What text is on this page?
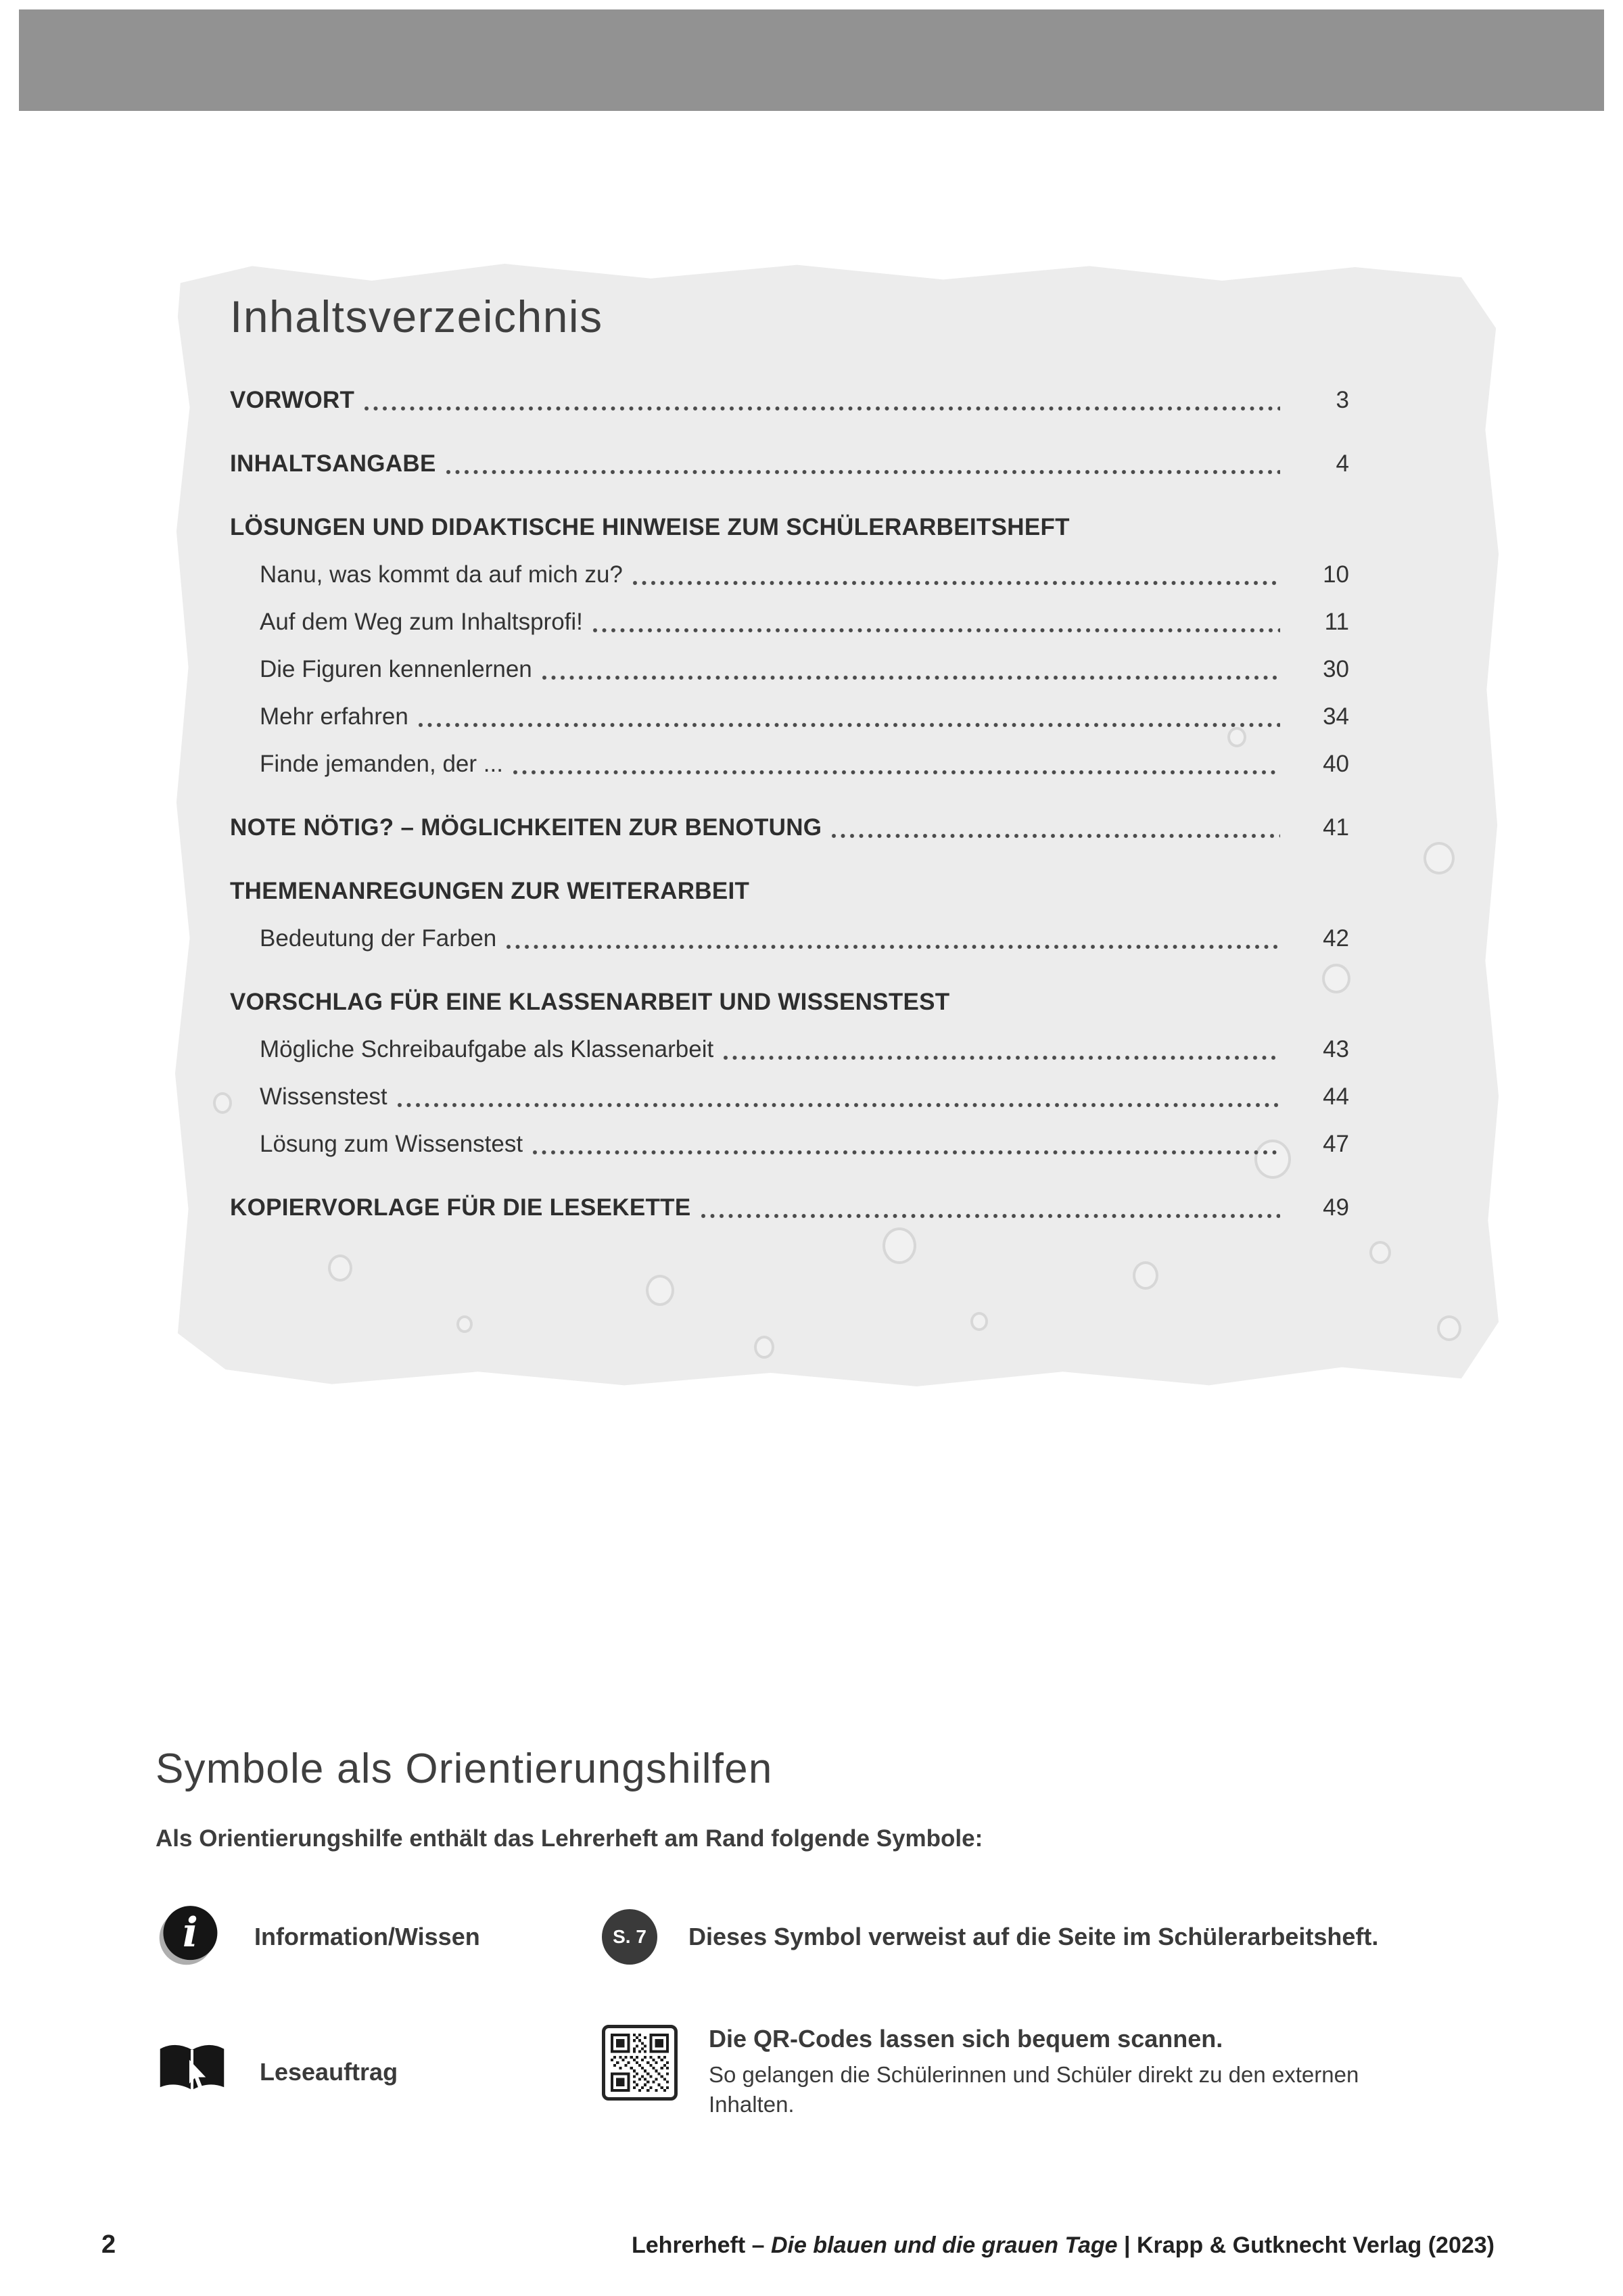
Inhaltsverzeichnis
VORWORT	3
INHALTSANGABE	4
LÖSUNGEN UND DIDAKTISCHE HINWEISE ZUM SCHÜLERARBEITSHEFT
Nanu, was kommt da auf mich zu?	10
Auf dem Weg zum Inhaltsprofi!	11
Die Figuren kennenlernen	30
Mehr erfahren	34
Finde jemanden, der ...	40
NOTE NÖTIG? – MÖGLICHKEITEN ZUR BENOTUNG	41
THEMENANREGUNGEN ZUR WEITERARBEIT
Bedeutung der Farben	42
VORSCHLAG FÜR EINE KLASSENARBEIT UND WISSENSTEST
Mögliche Schreibaufgabe als Klassenarbeit	43
Wissenstest	44
Lösung zum Wissenstest	47
KOPIERVORLAGE FÜR DIE LESEKETTE	49
Symbole als Orientierungshilfen
Als Orientierungshilfe enthält das Lehrerheft am Rand folgende Symbole:
i Information/Wissen	S. 7 Dieses Symbol verweist auf die Seite im Schülerarbeitsheft.
Leseauftrag
Die QR-Codes lassen sich bequem scannen.
So gelangen die Schülerinnen und Schüler direkt zu den externen Inhalten.
2	Lehrerheft – Die blauen und die grauen Tage | Krapp & Gutknecht Verlag (2023)
